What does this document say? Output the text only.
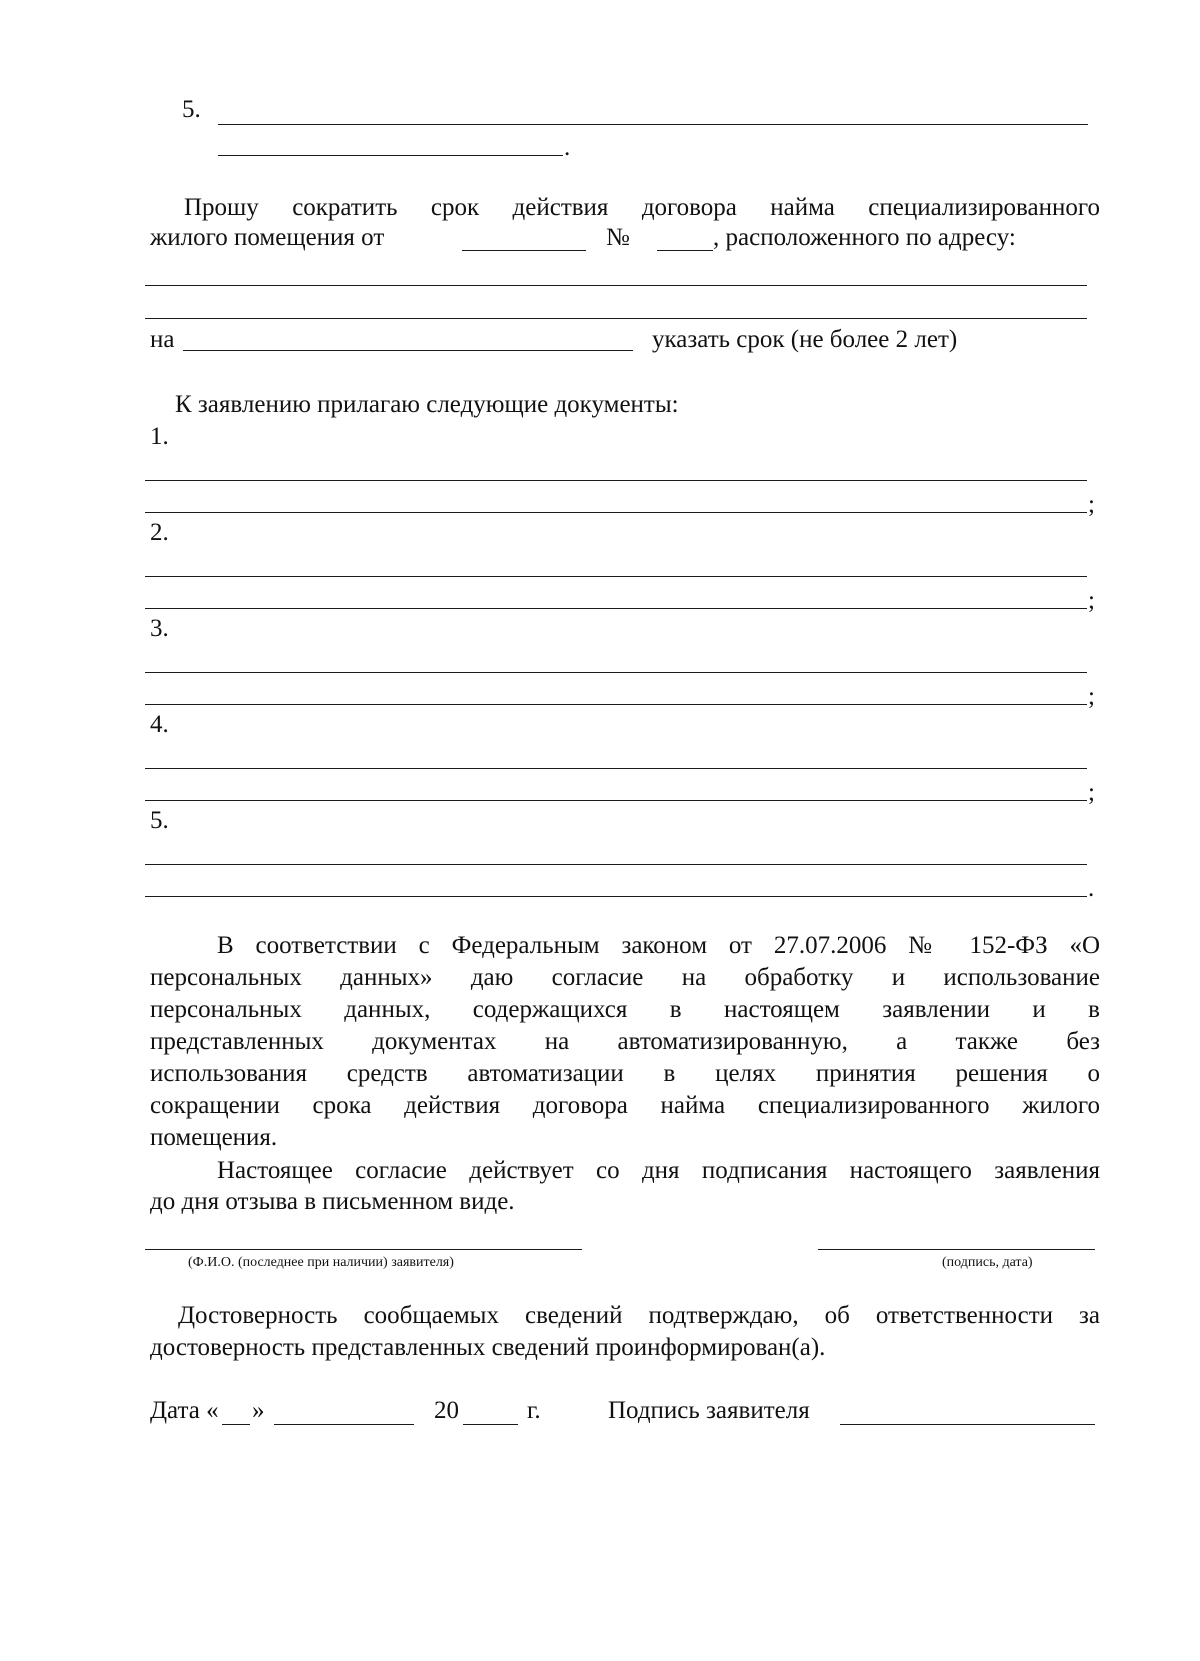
5.
.
Прошу сократить срок действия договора найма специализированного
жилого помещения от	№	, расположенного по адресу:
на	указать срок (не более 2 лет)
К заявлению прилагаю следующие документы:
1.
;
2.
;
3.
;
4.
;
5.
.
В соответствии с Федеральным законом от 27.07.2006 № 152-ФЗ «О
персональных данных» даю согласие на обработку и использование
персональных данных, содержащихся в настоящем заявлении и в
представленных документах на автоматизированную, а также без
использования средств автоматизации в целях принятия решения о
сокращении срока действия договора найма специализированного жилого
помещения.
Настоящее согласие действует со дня подписания настоящего заявления
до дня отзыва в письменном виде.
(Ф.И.О. (последнее при наличии) заявителя)	(подпись, дата)
Достоверность сообщаемых сведений подтверждаю, об ответственности за
достоверность представленных сведений проинформирован(а).
Дата « »	20	г.	Подпись заявителя
